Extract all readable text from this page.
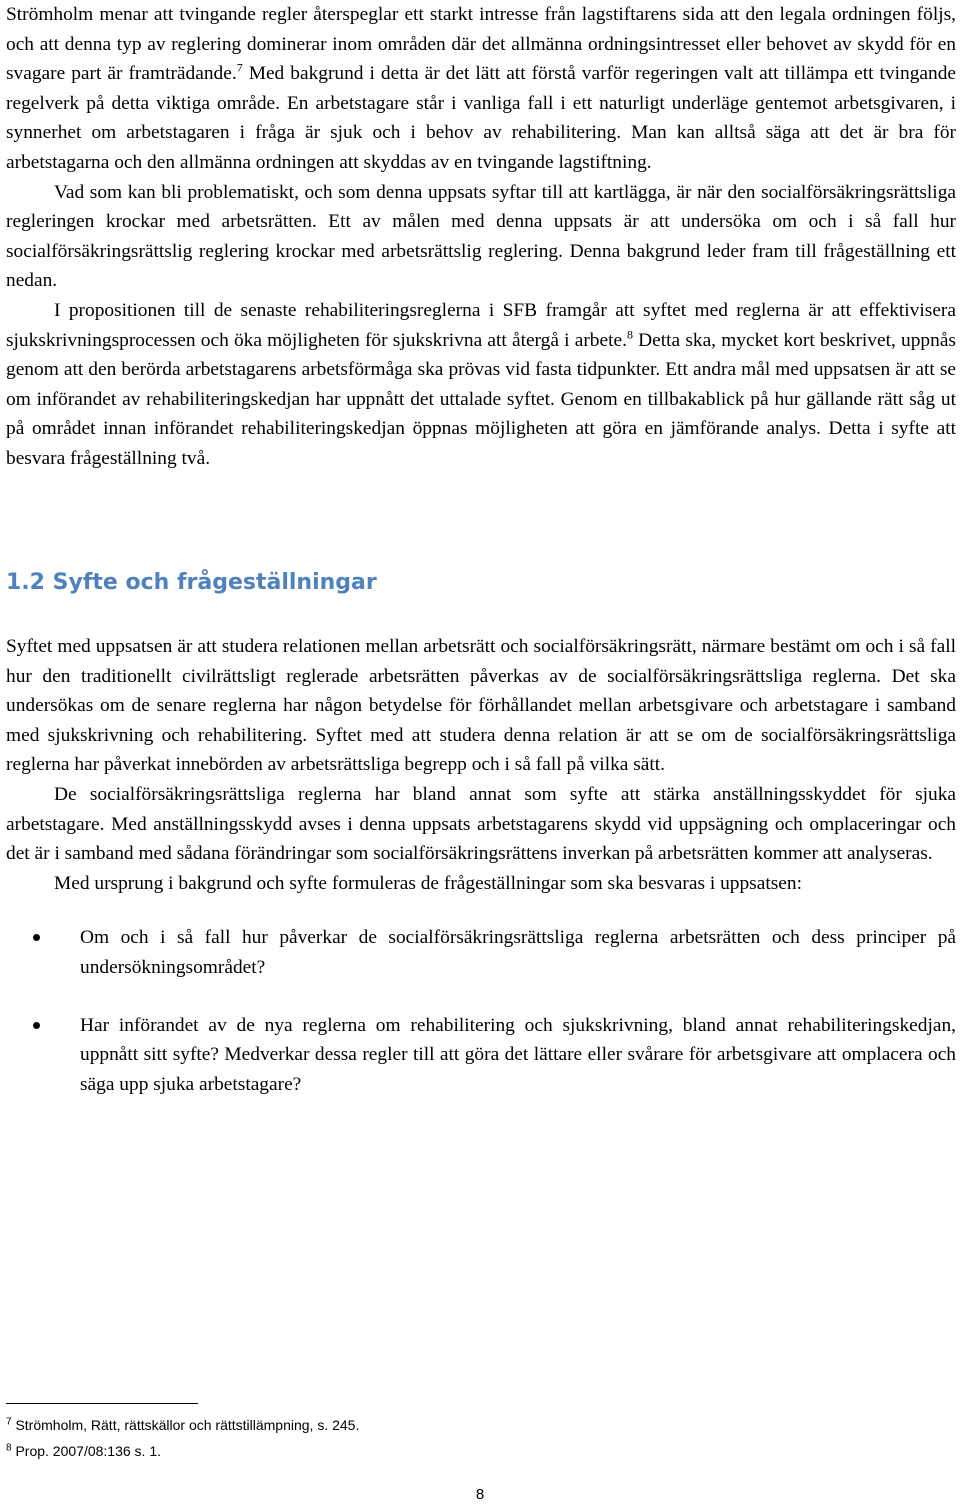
Strömholm menar att tvingande regler återspeglar ett starkt intresse från lagstiftarens sida att den legala ordningen följs, och att denna typ av reglering dominerar inom områden där det allmänna ordningsintresset eller behovet av skydd för en svagare part är framträdande.$^7$ Med bakgrund i detta är det lätt att förstå varför regeringen valt att tillämpa ett tvingande regelverk på detta viktiga område. En arbetstagare står i vanliga fall i ett naturligt underläge gentemot arbetsgivaren, i synnerhet om arbetstagaren i fråga är sjuk och i behov av rehabilitering. Man kan alltså säga att det är bra för arbetstagarna och den allmänna ordningen att skyddas av en tvingande lagstiftning.

Vad som kan bli problematiskt, och som denna uppsats syftar till att kartlägga, är när den socialförsäkringsrättsliga regleringen krockar med arbetsrätten. Ett av målen med denna uppsats är att undersöka om och i så fall hur socialförsäkringsrättslig reglering krockar med arbetsrättslig reglering. Denna bakgrund leder fram till frågeställning ett nedan.

I propositionen till de senaste rehabiliteringsreglerna i SFB framgår att syftet med reglerna är att effektivisera sjukskrivningsprocessen och öka möjligheten för sjukskrivna att återgå i arbete.$^8$ Detta ska, mycket kort beskrivet, uppnås genom att den berörda arbetstagarens arbetsförmåga ska prövas vid fasta tidpunkter. Ett andra mål med uppsatsen är att se om införandet av rehabiliteringskedjan har uppnått det uttalade syftet. Genom en tillbakablick på hur gällande rätt såg ut på området innan införandet rehabiliteringskedjan öppnas möjligheten att göra en jämförande analys. Detta i syfte att besvara frågeställning två.

1.2 Syfte och frågeställningar

Syftet med uppsatsen är att studera relationen mellan arbetsrätt och socialförsäkringsrätt, närmare bestämt om och i så fall hur den traditionellt civilrättsligt reglerade arbetsrätten påverkas av de socialförsäkringsrättsliga reglerna. Det ska undersökas om de senare reglerna har någon betydelse för förhållandet mellan arbetsgivare och arbetstagare i samband med sjukskrivning och rehabilitering. Syftet med att studera denna relation är att se om de socialförsäkringsrättsliga reglerna har påverkat innebörden av arbetsrättsliga begrepp och i så fall på vilka sätt.

De socialförsäkringsrättsliga reglerna har bland annat som syfte att stärka anställningsskyddet för sjuka arbetstagare. Med anställningsskydd avses i denna uppsats arbetstagarens skydd vid uppsägning och omplaceringar och det är i samband med sådana förändringar som socialförsäkringsrättens inverkan på arbetsrätten kommer att analyseras.

Med ursprung i bakgrund och syfte formuleras de frågeställningar som ska besvaras i uppsatsen:

Om och i så fall hur påverkar de socialförsäkringsrättsliga reglerna arbetsrätten och dess principer på undersökningsområdet?
Har införandet av de nya reglerna om rehabilitering och sjukskrivning, bland annat rehabiliteringskedjan, uppnått sitt syfte? Medverkar dessa regler till att göra det lättare eller svårare för arbetsgivare att omplacera och säga upp sjuka arbetstagare?
$^7$ Strömholm, Rätt, rättskällor och rättstillämpning, s. 245.
$^8$ Prop. 2007/08:136 s. 1.
8
